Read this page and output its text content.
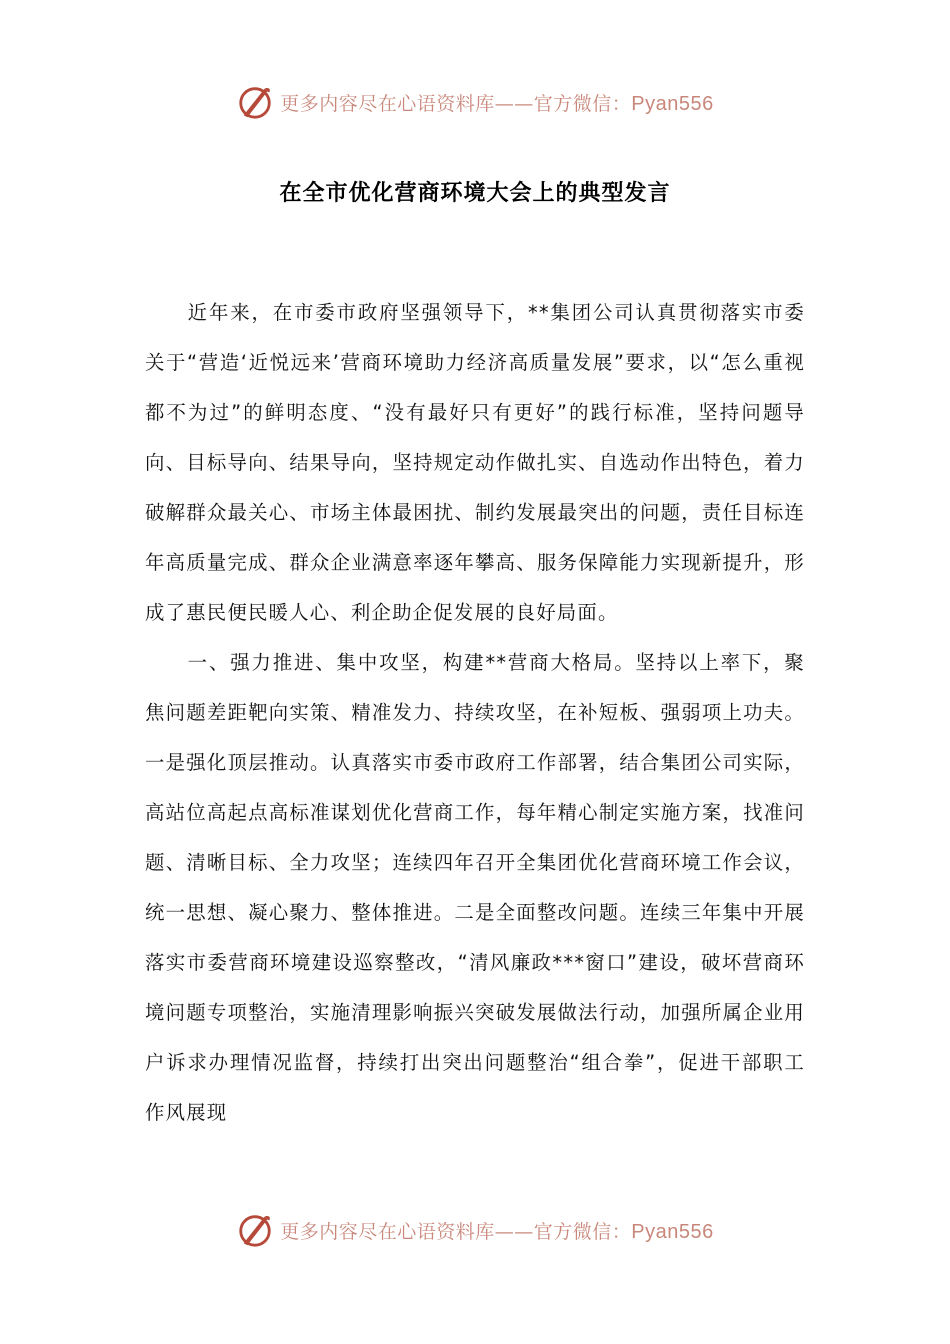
更多内容尽在心语资料库——官方微信：Pyan556
在全市优化营商环境大会上的典型发言

近年来，在市委市政府坚强领导下，**集团公司认真贯彻落实市委关于“营造‘近悦远来’营商环境助力经济高质量发展”要求，以“怎么重视都不为过”的鲜明态度、“没有最好只有更好”的践行标准，坚持问题导向、目标导向、结果导向，坚持规定动作做扎实、自选动作出特色，着力破解群众最关心、市场主体最困扰、制约发展最突出的问题，责任目标连年高质量完成、群众企业满意率逐年攀高、服务保障能力实现新提升，形成了惠民便民暖人心、利企助企促发展的良好局面。

一、强力推进、集中攻坚，构建**营商大格局。坚持以上率下，聚焦问题差距靶向实策、精准发力、持续攻坚，在补短板、强弱项上功夫。一是强化顶层推动。认真落实市委市政府工作部署，结合集团公司实际，高站位高起点高标准谋划优化营商工作，每年精心制定实施方案，找准问题、清晰目标、全力攻坚；连续四年召开全集团优化营商环境工作会议，统一思想、凝心聚力、整体推进。二是全面整改问题。连续三年集中开展落实市委营商环境建设巡察整改，“清风廉政***窗口”建设，破坏营商环境问题专项整治，实施清理影响振兴突破发展做法行动，加强所属企业用户诉求办理情况监督，持续打出突出问题整治“组合拳”，促进干部职工作风展现

更多内容尽在心语资料库——官方微信：Pyan556
